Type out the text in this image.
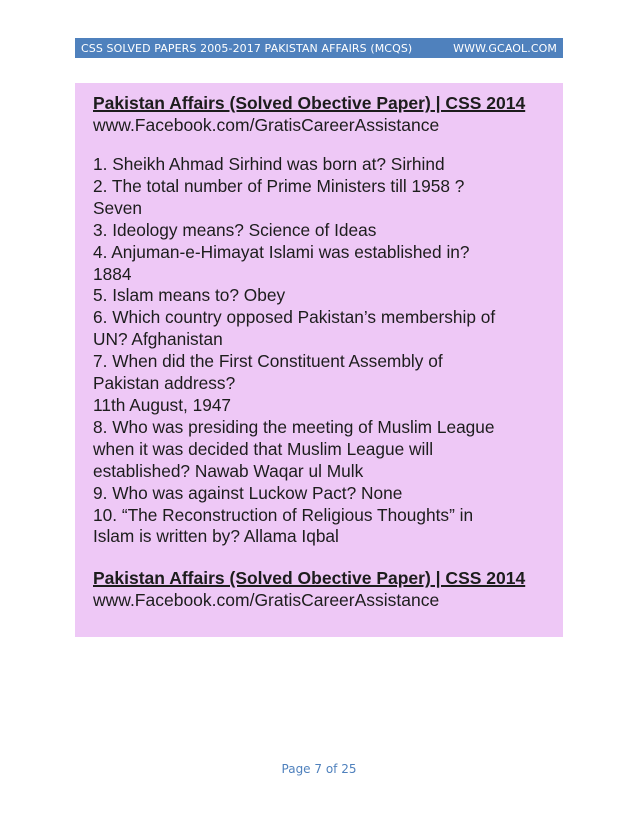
CSS SOLVED PAPERS 2005-2017 PAKISTAN AFFAIRS (MCQS)	WWW.GCAOL.COM
Pakistan Affairs (Solved Obective Paper) | CSS 2014
www.Facebook.com/GratisCareerAssistance
1. Sheikh Ahmad Sirhind was born at? Sirhind
2. The total number of Prime Ministers till 1958 ?
Seven
3. Ideology means? Science of Ideas
4. Anjuman-e-Himayat Islami was established in?
1884
5. Islam means to? Obey
6. Which country opposed Pakistan’s membership of
UN? Afghanistan
7. When did the First Constituent Assembly of
Pakistan address?
11th August, 1947
8. Who was presiding the meeting of Muslim League
when it was decided that Muslim League will
established? Nawab Waqar ul Mulk
9. Who was against Luckow Pact? None
10. “The Reconstruction of Religious Thoughts” in
Islam is written by? Allama Iqbal
Pakistan Affairs (Solved Obective Paper) | CSS 2014
www.Facebook.com/GratisCareerAssistance
Page 7 of 25
